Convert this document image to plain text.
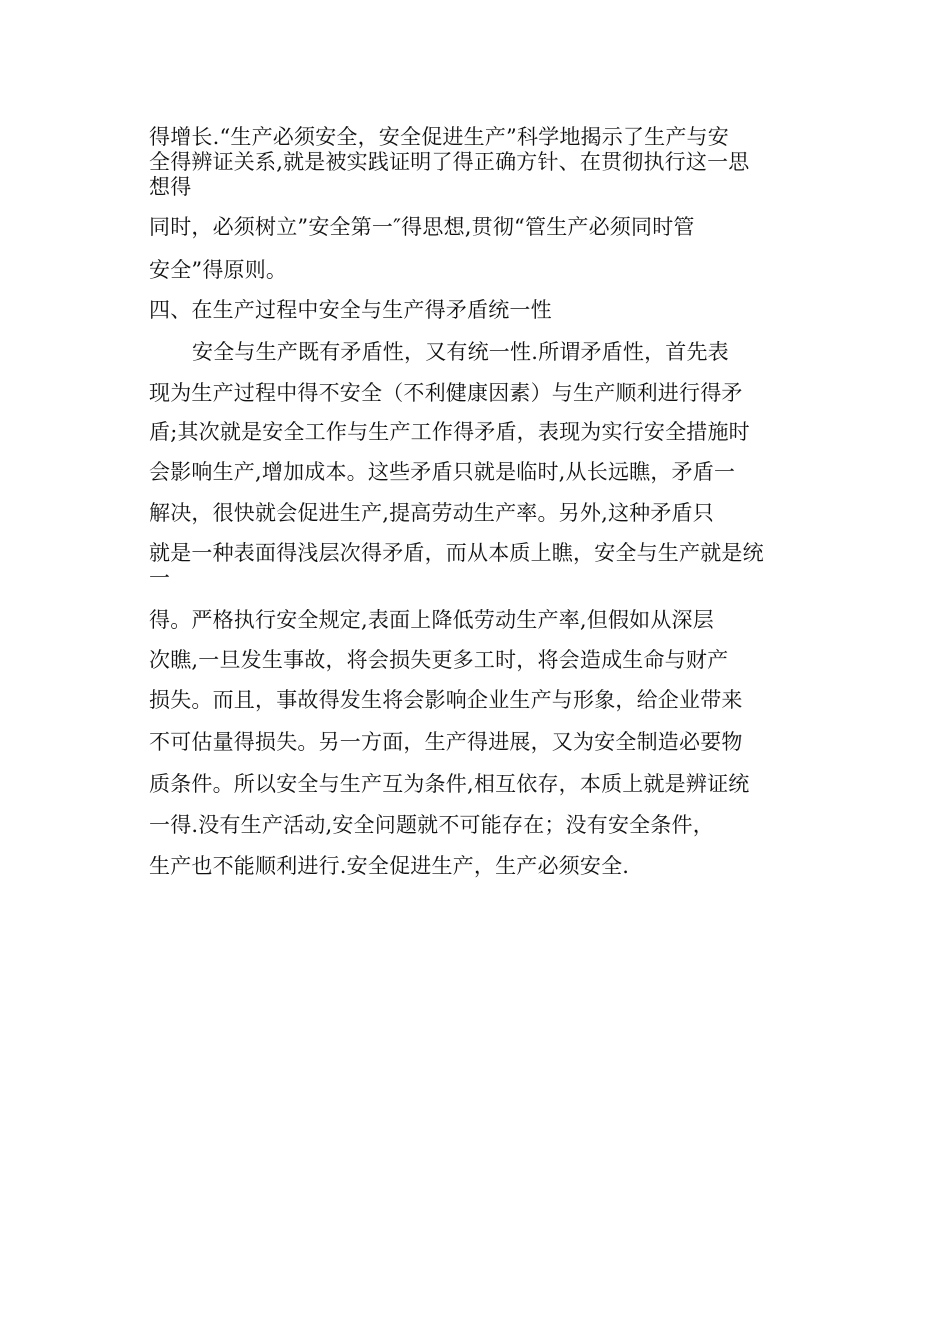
得增长.“生产必须安全，安全促进生产”科学地揭示了生产与安
全得辨证关系,就是被实践证明了得正确方针、在贯彻执行这一思
想得
同时，必须树立”安全第一″得思想,贯彻“管生产必须同时管
安全”得原则。
四、在生产过程中安全与生产得矛盾统一性
安全与生产既有矛盾性，又有统一性.所谓矛盾性，首先表
现为生产过程中得不安全（不利健康因素）与生产顺利进行得矛
盾;其次就是安全工作与生产工作得矛盾，表现为实行安全措施时
会影响生产,增加成本。这些矛盾只就是临时,从长远瞧，矛盾一
解决，很快就会促进生产,提高劳动生产率。另外,这种矛盾只
就是一种表面得浅层次得矛盾，而从本质上瞧，安全与生产就是统
一
得。严格执行安全规定,表面上降低劳动生产率,但假如从深层
次瞧,一旦发生事故，将会损失更多工时，将会造成生命与财产
损失。而且，事故得发生将会影响企业生产与形象，给企业带来
不可估量得损失。另一方面，生产得进展，又为安全制造必要物
质条件。所以安全与生产互为条件,相互依存，本质上就是辨证统
一得.没有生产活动,安全问题就不可能存在；没有安全条件，
生产也不能顺利进行.安全促进生产，生产必须安全.
